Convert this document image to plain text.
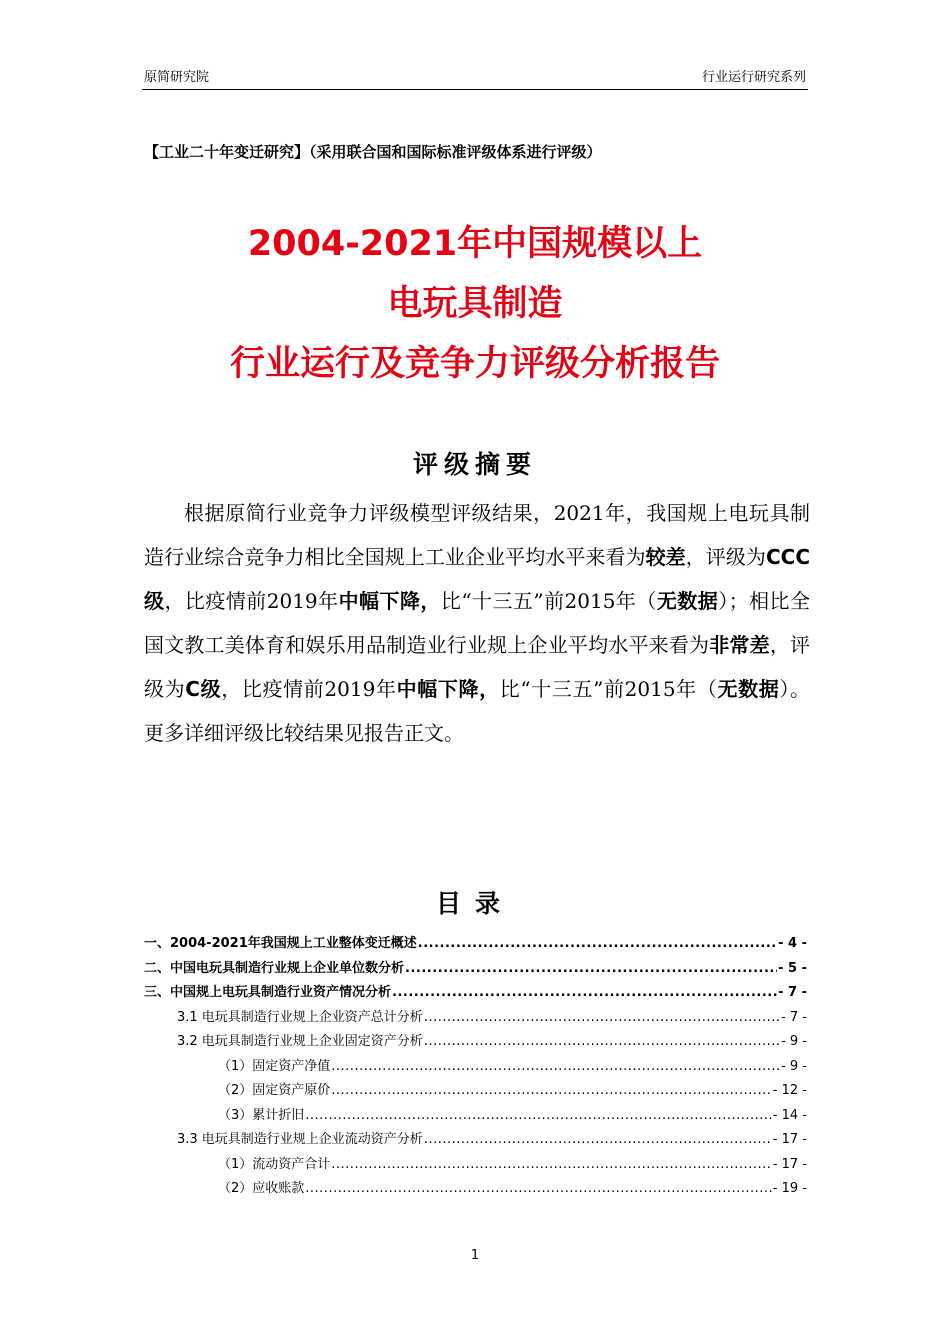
原简研究院	行业运行研究系列
【工业二十年变迁研究】（采用联合国和国际标准评级体系进行评级）
2004-2021年中国规模以上
电玩具制造
行业运行及竞争力评级分析报告
评级摘要

根据原简行业竞争力评级模型评级结果，2021年，我国规上电玩具制造行业综合竞争力相比全国规上工业企业平均水平来看为较差，评级为CCC级，比疫情前2019年中幅下降，比“十三五”前2015年（无数据）；相比全国文教工美体育和娱乐用品制造业行业规上企业平均水平来看为非常差，评级为C级，比疫情前2019年中幅下降，比“十三五”前2015年（无数据）。更多详细评级比较结果见报告正文。

目录
一、2004-2021年我国规上工业整体变迁概述 .....	- 4 -
二、中国电玩具制造行业规上企业单位数分析 .....	- 5 -
三、中国规上电玩具制造行业资产情况分析 .....	- 7 -
3.1 电玩具制造行业规上企业资产总计分析 .....	- 7 -
3.2 电玩具制造行业规上企业固定资产分析 .....	- 9 -
（1）固定资产净值 .....	- 9 -
（2）固定资产原价 .....	- 12 -
（3）累计折旧 .....	- 14 -
3.3 电玩具制造行业规上企业流动资产分析 .....	- 17 -
（1）流动资产合计 .....	- 17 -
（2）应收账款 .....	- 19 -
1
